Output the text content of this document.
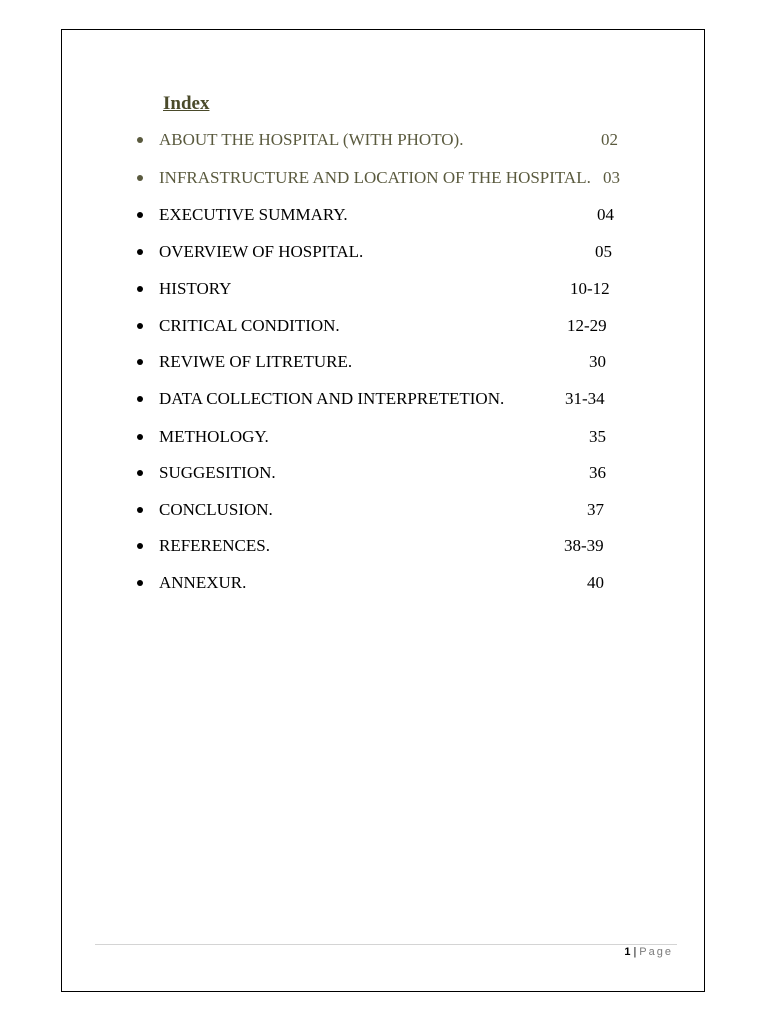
Index
ABOUT THE HOSPITAL (WITH PHOTO).	02
INFRASTRUCTURE AND LOCATION OF THE HOSPITAL. 03
EXECUTIVE SUMMARY.	04
OVERVIEW OF HOSPITAL.	05
HISTORY	10-12
CRITICAL CONDITION.	12-29
REVIWE OF LITRETURE.	30
DATA COLLECTION AND INTERPRETETION.	31-34
METHOLOGY.	35
SUGGESITION.	36
CONCLUSION.	37
REFERENCES.	38-39
ANNEXUR.	40
1 | Page
